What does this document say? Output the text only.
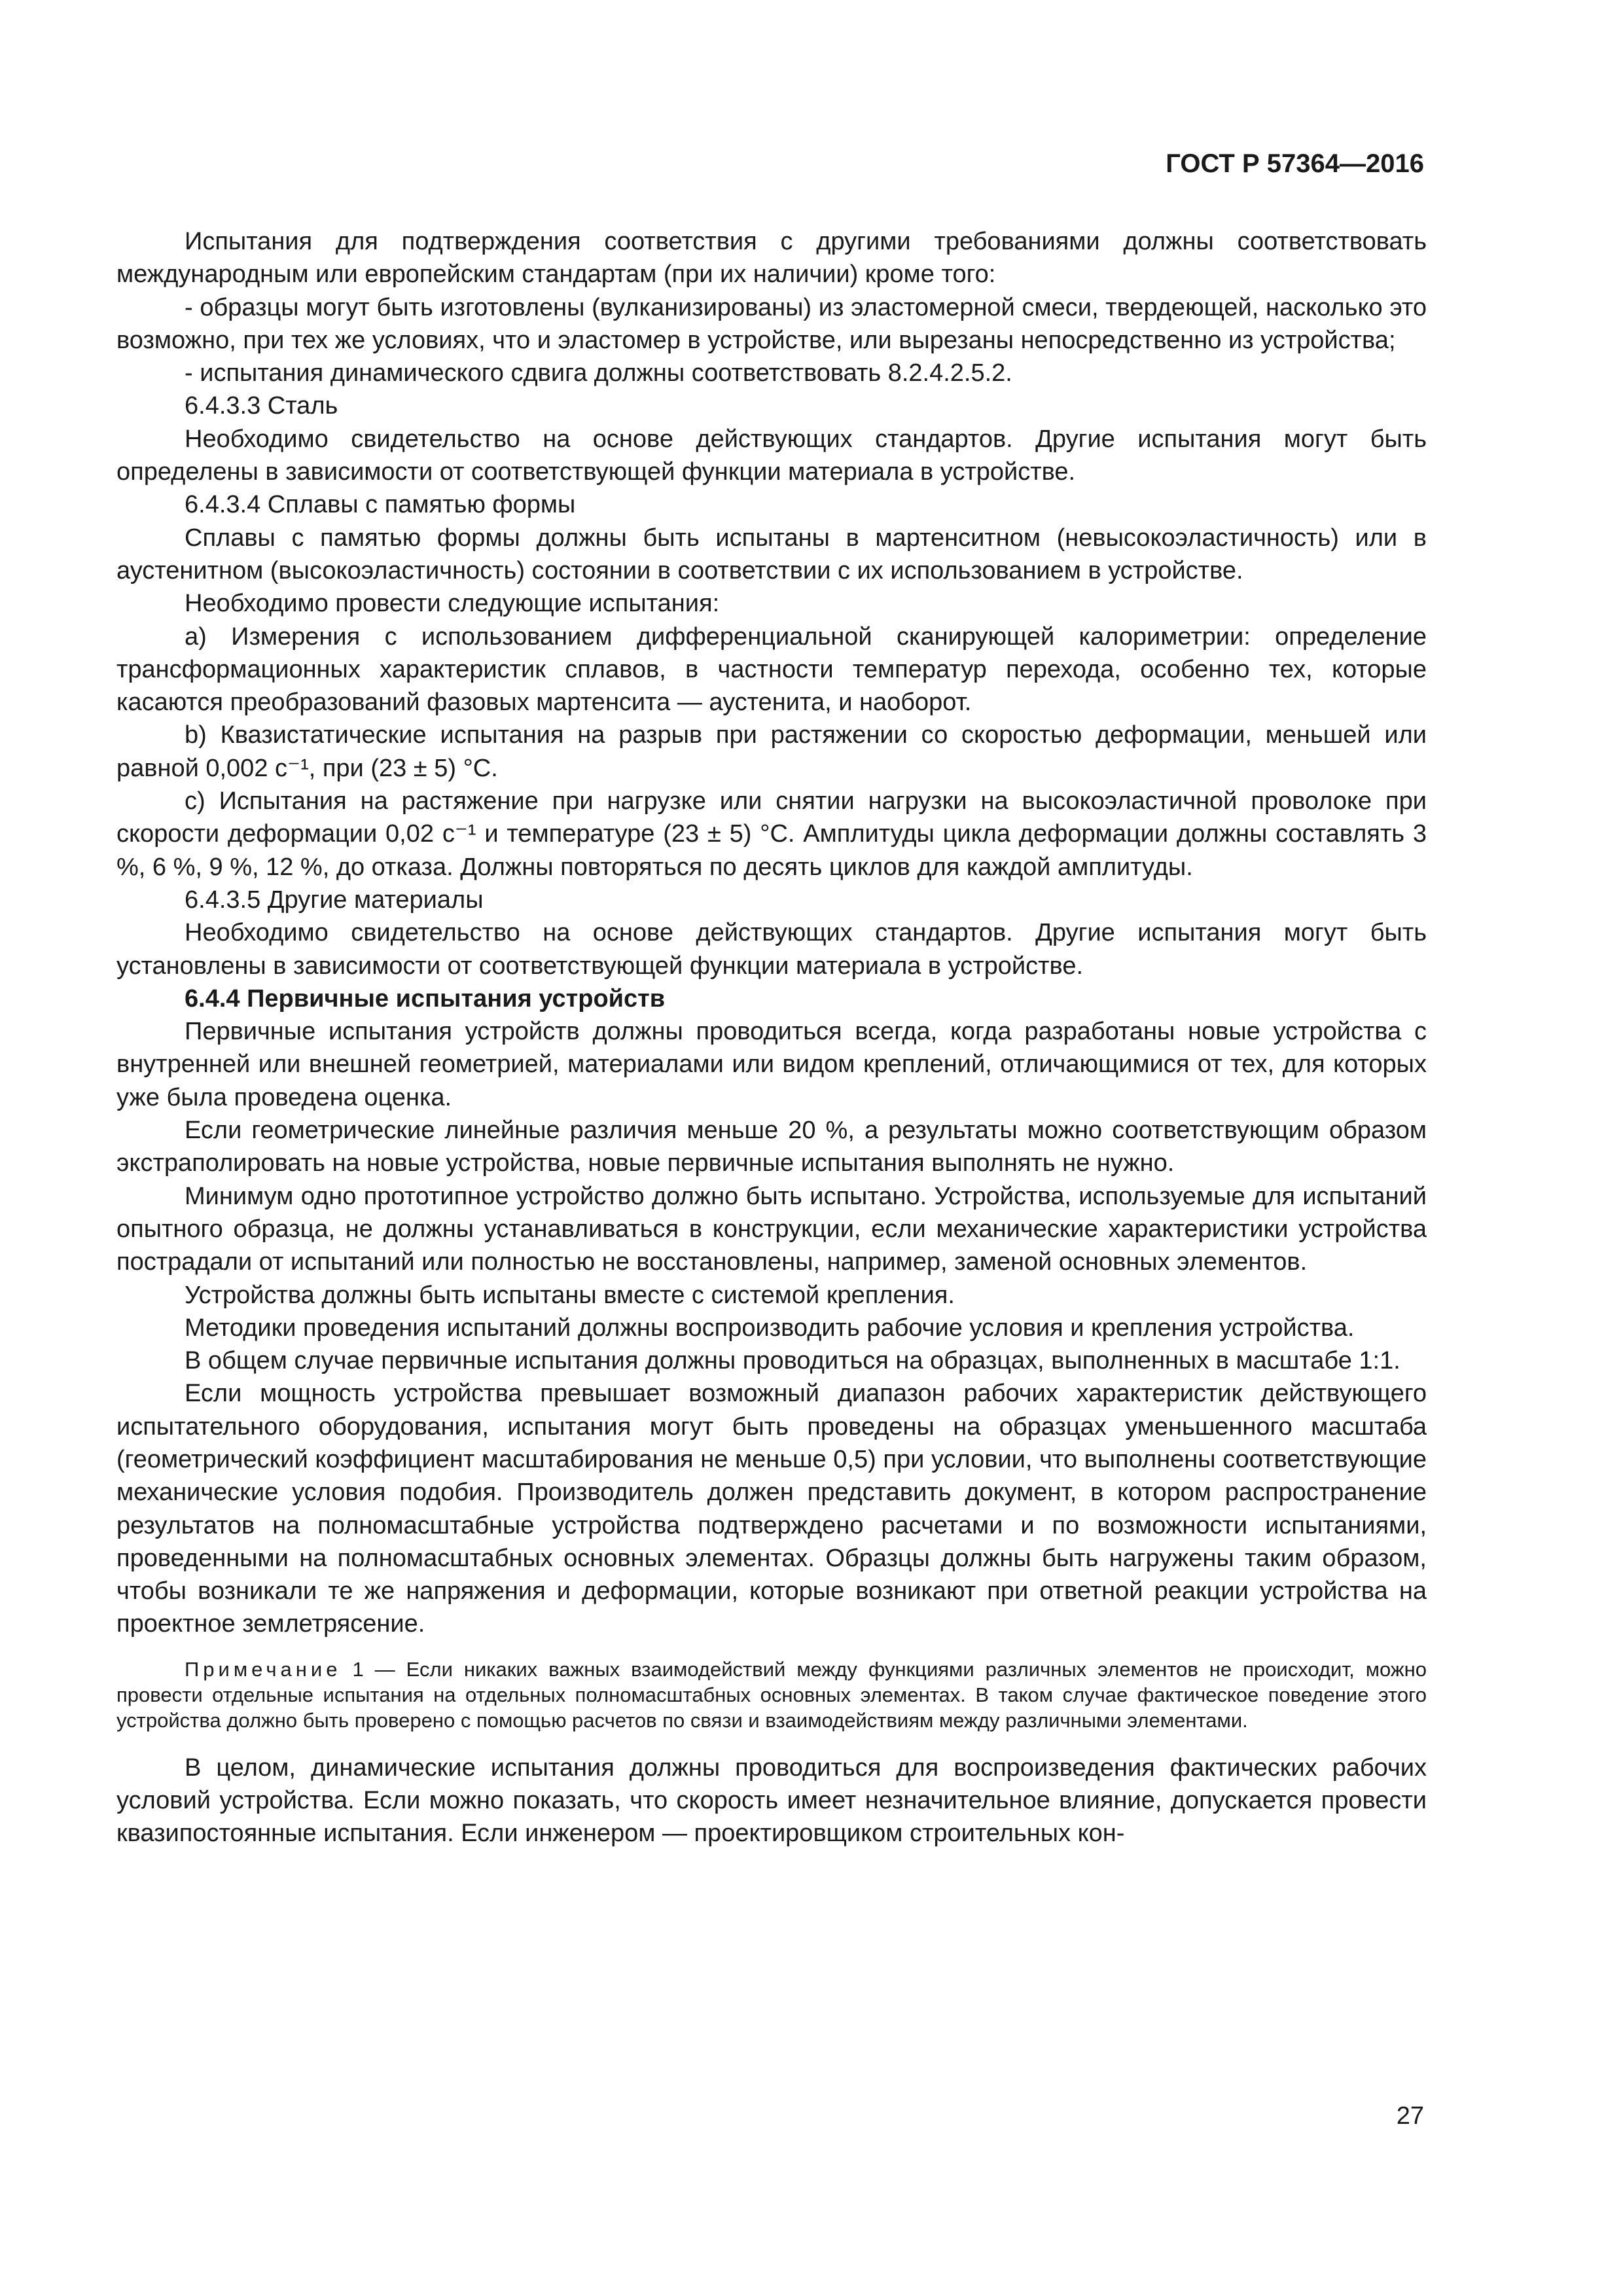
ГОСТ Р 57364—2016

Испытания для подтверждения соответствия с другими требованиями должны соответствовать международным или европейским стандартам (при их наличии) кроме того:

- образцы могут быть изготовлены (вулканизированы) из эластомерной смеси, твердеющей, насколько это возможно, при тех же условиях, что и эластомер в устройстве, или вырезаны непосредственно из устройства;

- испытания динамического сдвига должны соответствовать 8.2.4.2.5.2.

6.4.3.3 Сталь

Необходимо свидетельство на основе действующих стандартов. Другие испытания могут быть определены в зависимости от соответствующей функции материала в устройстве.

6.4.3.4 Сплавы с памятью формы

Сплавы с памятью формы должны быть испытаны в мартенситном (невысокоэластичность) или в аустенитном (высокоэластичность) состоянии в соответствии с их использованием в устройстве.

Необходимо провести следующие испытания:

a) Измерения с использованием дифференциальной сканирующей калориметрии: определение трансформационных характеристик сплавов, в частности температур перехода, особенно тех, которые касаются преобразований фазовых мартенсита — аустенита, и наоборот.

b) Квазистатические испытания на разрыв при растяжении со скоростью деформации, меньшей или равной 0,002 с⁻¹, при (23 ± 5) °С.

c) Испытания на растяжение при нагрузке или снятии нагрузки на высокоэластичной проволоке при скорости деформации 0,02 с⁻¹ и температуре (23 ± 5) °С. Амплитуды цикла деформации должны составлять 3 %, 6 %, 9 %, 12 %, до отказа. Должны повторяться по десять циклов для каждой амплитуды.

6.4.3.5 Другие материалы

Необходимо свидетельство на основе действующих стандартов. Другие испытания могут быть установлены в зависимости от соответствующей функции материала в устройстве.

6.4.4 Первичные испытания устройств

Первичные испытания устройств должны проводиться всегда, когда разработаны новые устройства с внутренней или внешней геометрией, материалами или видом креплений, отличающимися от тех, для которых уже была проведена оценка.

Если геометрические линейные различия меньше 20 %, а результаты можно соответствующим образом экстраполировать на новые устройства, новые первичные испытания выполнять не нужно.

Минимум одно прототипное устройство должно быть испытано. Устройства, используемые для испытаний опытного образца, не должны устанавливаться в конструкции, если механические характеристики устройства пострадали от испытаний или полностью не восстановлены, например, заменой основных элементов.

Устройства должны быть испытаны вместе с системой крепления.

Методики проведения испытаний должны воспроизводить рабочие условия и крепления устройства.

В общем случае первичные испытания должны проводиться на образцах, выполненных в масштабе 1:1.

Если мощность устройства превышает возможный диапазон рабочих характеристик действующего испытательного оборудования, испытания могут быть проведены на образцах уменьшенного масштаба (геометрический коэффициент масштабирования не меньше 0,5) при условии, что выполнены соответствующие механические условия подобия. Производитель должен представить документ, в котором распространение результатов на полномасштабные устройства подтверждено расчетами и по возможности испытаниями, проведенными на полномасштабных основных элементах. Образцы должны быть нагружены таким образом, чтобы возникали те же напряжения и деформации, которые возникают при ответной реакции устройства на проектное землетрясение.

Примечание 1 — Если никаких важных взаимодействий между функциями различных элементов не происходит, можно провести отдельные испытания на отдельных полномасштабных основных элементах. В таком случае фактическое поведение этого устройства должно быть проверено с помощью расчетов по связи и взаимодействиям между различными элементами.

В целом, динамические испытания должны проводиться для воспроизведения фактических рабочих условий устройства. Если можно показать, что скорость имеет незначительное влияние, допускается провести квазипостоянные испытания. Если инженером — проектировщиком строительных кон-

27
